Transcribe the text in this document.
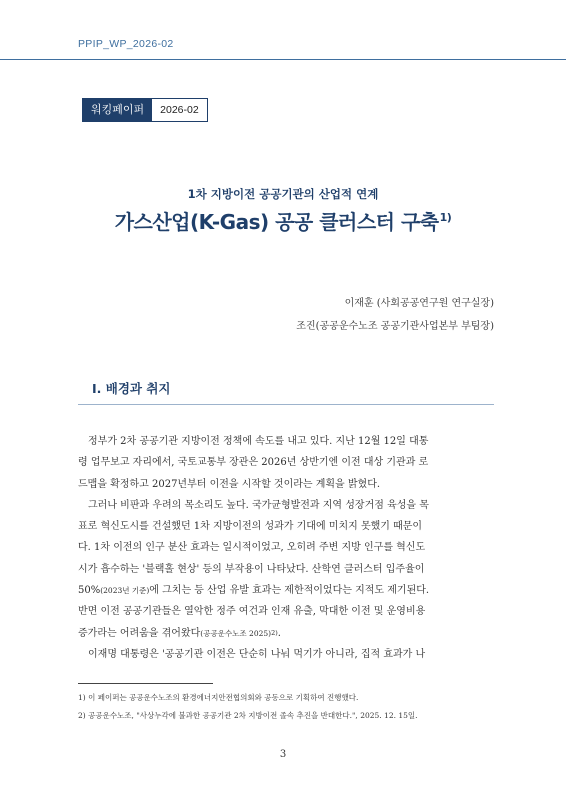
PPIP_WP_2026-02
워킹페이퍼	2026-02
1차 지방이전 공공기관의 산업적 연계
가스산업(K-Gas) 공공 클러스터 구축$^{1)}$
이재훈 (사회공공연구원 연구실장)
조진(공공운수노조 공공기관사업본부 부팀장)
Ⅰ. 배경과 취지
정부가 2차 공공기관 지방이전 정책에 속도를 내고 있다. 지난 12월 12일 대통
령 업무보고 자리에서, 국토교통부 장관은 2026년 상반기엔 이전 대상 기관과 로
드맵을 확정하고 2027년부터 이전을 시작할 것이라는 계획을 밝혔다.
그러나 비판과 우려의 목소리도 높다. 국가균형발전과 지역 성장거점 육성을 목
표로 혁신도시를 건설했던 1차 지방이전의 성과가 기대에 미치지 못했기 때문이
다. 1차 이전의 인구 분산 효과는 일시적이었고, 오히려 주변 지방 인구를 혁신도
시가 흡수하는 '블랙홀 현상' 등의 부작용이 나타났다. 산학연 클러스터 입주율이
50% (2023년 기준) 에 그치는 등 산업 유발 효과는 제한적이었다는 지적도 제기된다.
반면 이전 공공기관들은 열악한 정주 여건과 인재 유출, 막대한 이전 및 운영비용
증가라는 어려움을 겪어왔다 (공공운수노조 2025) 2) .
이재명 대통령은 '공공기관 이전은 단순히 나눠 먹기가 아니라, 집적 효과가 나
1) 이 페이퍼는 공공운수노조의 환경에너지안전협의회와 공동으로 기획하여 진행했다.
2) 공공운수노조, "사상누각에 불과한 공공기관 2차 지방이전 졸속 추진을 반대한다.", 2025. 12. 15일.
3
